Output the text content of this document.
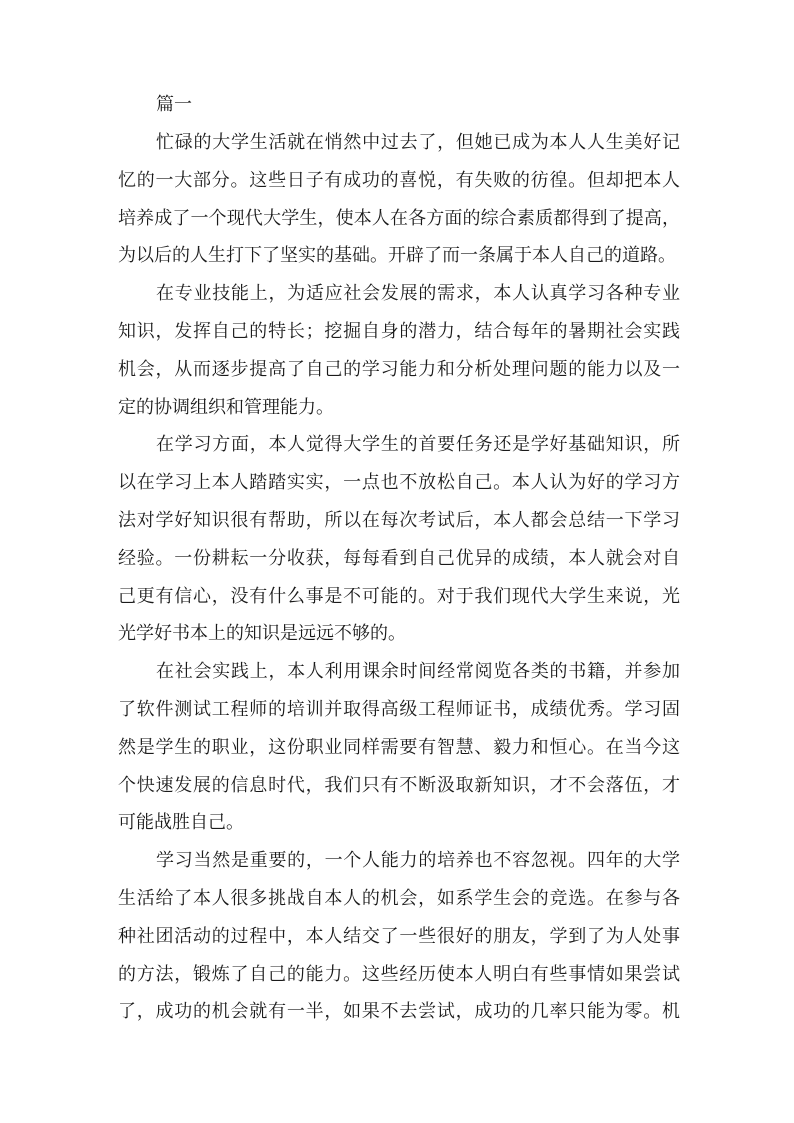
篇一
忙碌的大学生活就在悄然中过去了，但她已成为本人人生美好记
忆的一大部分。这些日子有成功的喜悦，有失败的彷徨。但却把本人
培养成了一个现代大学生，使本人在各方面的综合素质都得到了提高，
为以后的人生打下了坚实的基础。开辟了而一条属于本人自己的道路。
在专业技能上，为适应社会发展的需求，本人认真学习各种专业
知识，发挥自己的特长；挖掘自身的潜力，结合每年的暑期社会实践
机会，从而逐步提高了自己的学习能力和分析处理问题的能力以及一
定的协调组织和管理能力。
在学习方面，本人觉得大学生的首要任务还是学好基础知识，所
以在学习上本人踏踏实实，一点也不放松自己。本人认为好的学习方
法对学好知识很有帮助，所以在每次考试后，本人都会总结一下学习
经验。一份耕耘一分收获，每每看到自己优异的成绩，本人就会对自
己更有信心，没有什么事是不可能的。对于我们现代大学生来说，光
光学好书本上的知识是远远不够的。
在社会实践上，本人利用课余时间经常阅览各类的书籍，并参加
了软件测试工程师的培训并取得高级工程师证书，成绩优秀。学习固
然是学生的职业，这份职业同样需要有智慧、毅力和恒心。在当今这
个快速发展的信息时代，我们只有不断汲取新知识，才不会落伍，才
可能战胜自己。
学习当然是重要的，一个人能力的培养也不容忽视。四年的大学
生活给了本人很多挑战自本人的机会，如系学生会的竞选。在参与各
种社团活动的过程中，本人结交了一些很好的朋友，学到了为人处事
的方法，锻炼了自己的能力。这些经历使本人明白有些事情如果尝试
了，成功的机会就有一半，如果不去尝试，成功的几率只能为零。机
